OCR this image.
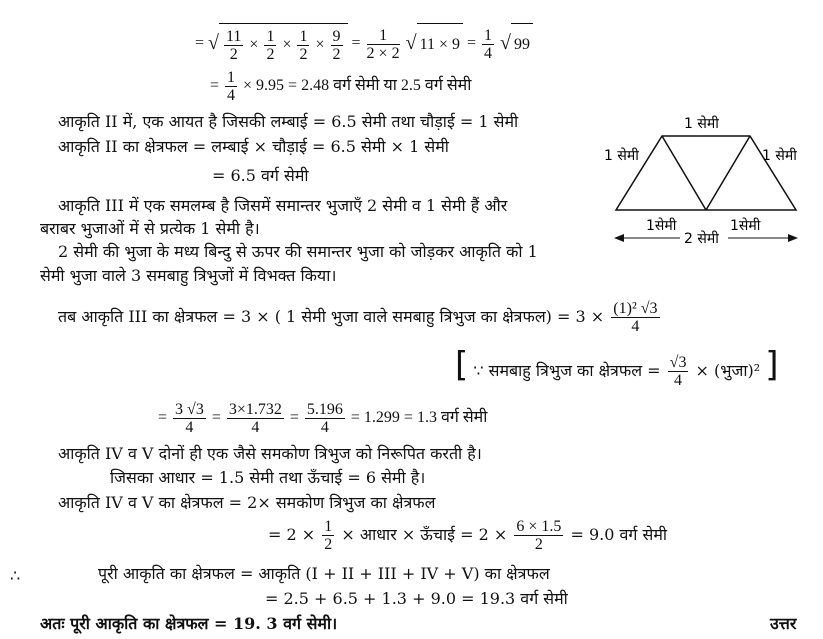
= √ $\frac{11}{2} \times \frac{1}{2} \times \frac{1}{2} \times \frac{9}{2} = \frac{1}{2 \times 2}$ √ $11 \times 9 = \frac{1}{4}$ √ 99
= $\frac{1}{4} \times 9.95 = 2.48$ वर्ग सेमी या 2.5 वर्ग सेमी
आकृति II में, एक आयत है जिसकी लम्बाई = 6.5 सेमी तथा चौड़ाई = 1 सेमी
आकृति II का क्षेत्रफल = लम्बाई × चौड़ाई = 6.5 सेमी × 1 सेमी
= 6.5 वर्ग सेमी
आकृति III में एक समलम्ब है जिसमें समान्तर भुजाएँ 2 सेमी व 1 सेमी हैं और
बराबर भुजाओं में से प्रत्येक 1 सेमी है।
2 सेमी की भुजा के मध्य बिन्दु से ऊपर की समान्तर भुजा को जोड़कर आकृति को 1
सेमी भुजा वाले 3 समबाहु त्रिभुजों में विभक्त किया।
1 सेमी
1 सेमी	1 सेमी
1सेमी	1सेमी
2 सेमी
तब आकृति III का क्षेत्रफल = 3 × ( 1 सेमी भुजा वाले समबाहु त्रिभुज का क्षेत्रफल) = $3 \times \frac{\text{(1)² √3}}{4}$
[ ∵ समबाहु त्रिभुज का क्षेत्रफल = $\frac{√3}{4}$ × (भुजा)² ]
= $\frac{3 √3}{4} = \frac{3\times 1.732}{4} = \frac{5.196}{4} = 1.299 = 1.3$ वर्ग सेमी
आकृति IV व V दोनों ही एक जैसे समकोण त्रिभुज को निरूपित करती है।
जिसका आधार = 1.5 सेमी तथा ऊँचाई = 6 सेमी है।
आकृति IV व V का क्षेत्रफल = 2× समकोण त्रिभुज का क्षेत्रफल
= $2 \times \frac{1}{2}$ × आधार × ऊँचाई = $2 \times \frac{6 \times 1.5}{2} = 9.0$ वर्ग सेमी
∴	पूरी आकृति का क्षेत्रफल = आकृति (I + II + III + IV + V) का क्षेत्रफल
= 2.5 + 6.5 + 1.3 + 9.0 = 19.3 वर्ग सेमी
अतः पूरी आकृति का क्षेत्रफल = 19. 3 वर्ग सेमी।	उत्तर
